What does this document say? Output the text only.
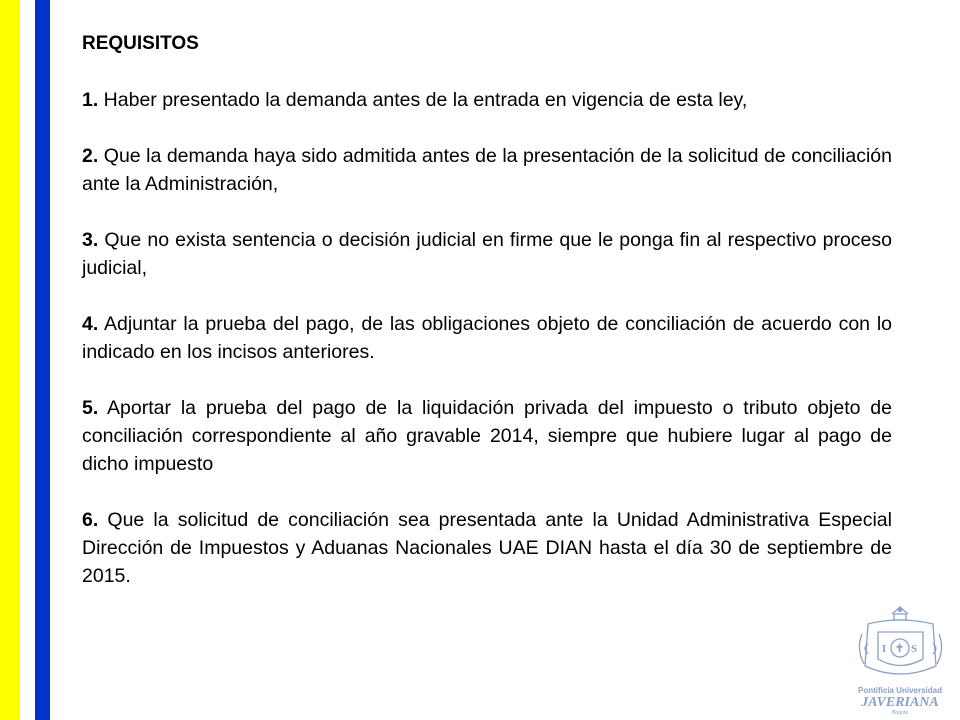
REQUISITOS
1. Haber presentado la demanda antes de la entrada en vigencia de esta ley,
2. Que la demanda haya sido admitida antes de la presentación de la solicitud de conciliación ante la Administración,
3. Que no exista sentencia o decisión judicial en firme que le ponga fin al respectivo proceso judicial,
4. Adjuntar la prueba del pago, de las obligaciones objeto de conciliación de acuerdo con lo indicado en los incisos anteriores.
5. Aportar la prueba del pago de la liquidación privada del impuesto o tributo objeto de conciliación correspondiente al año gravable 2014, siempre que hubiere lugar al pago de dicho impuesto
6. Que la solicitud de conciliación sea presentada ante la Unidad Administrativa Especial Dirección de Impuestos y Aduanas Nacionales UAE DIAN hasta el día 30 de septiembre de 2015.
I ✝ S
Pontificia Universidad
JAVERIANA
Bogotá
